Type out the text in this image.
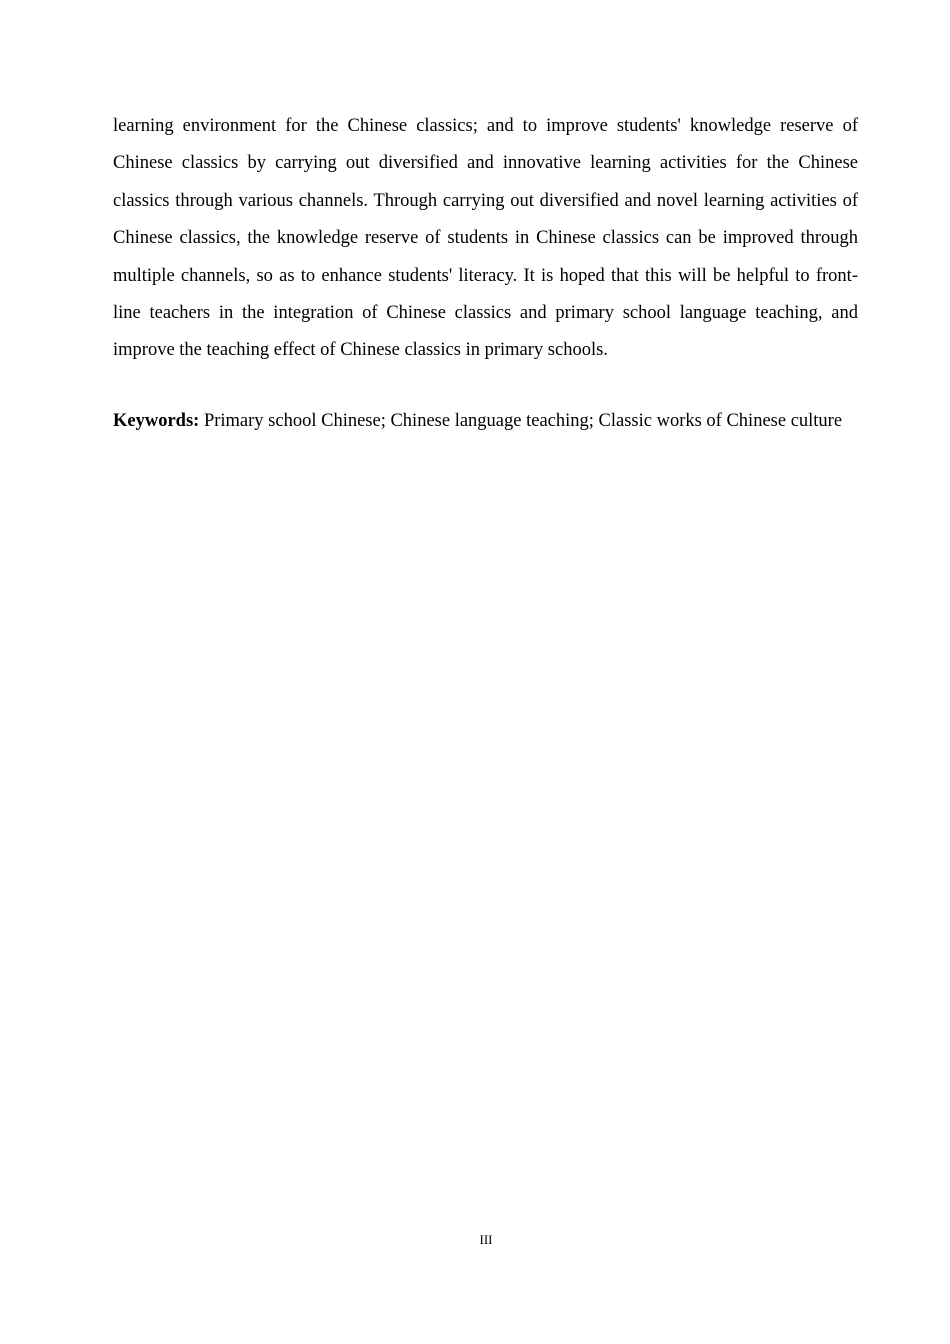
learning environment for the Chinese classics; and to improve students' knowledge reserve of Chinese classics by carrying out diversified and innovative learning activities for the Chinese classics through various channels. Through carrying out diversified and novel learning activities of Chinese classics, the knowledge reserve of students in Chinese classics can be improved through multiple channels, so as to enhance students' literacy. It is hoped that this will be helpful to front-line teachers in the integration of Chinese classics and primary school language teaching, and improve the teaching effect of Chinese classics in primary schools.

Keywords: Primary school Chinese; Chinese language teaching; Classic works of Chinese culture

III
